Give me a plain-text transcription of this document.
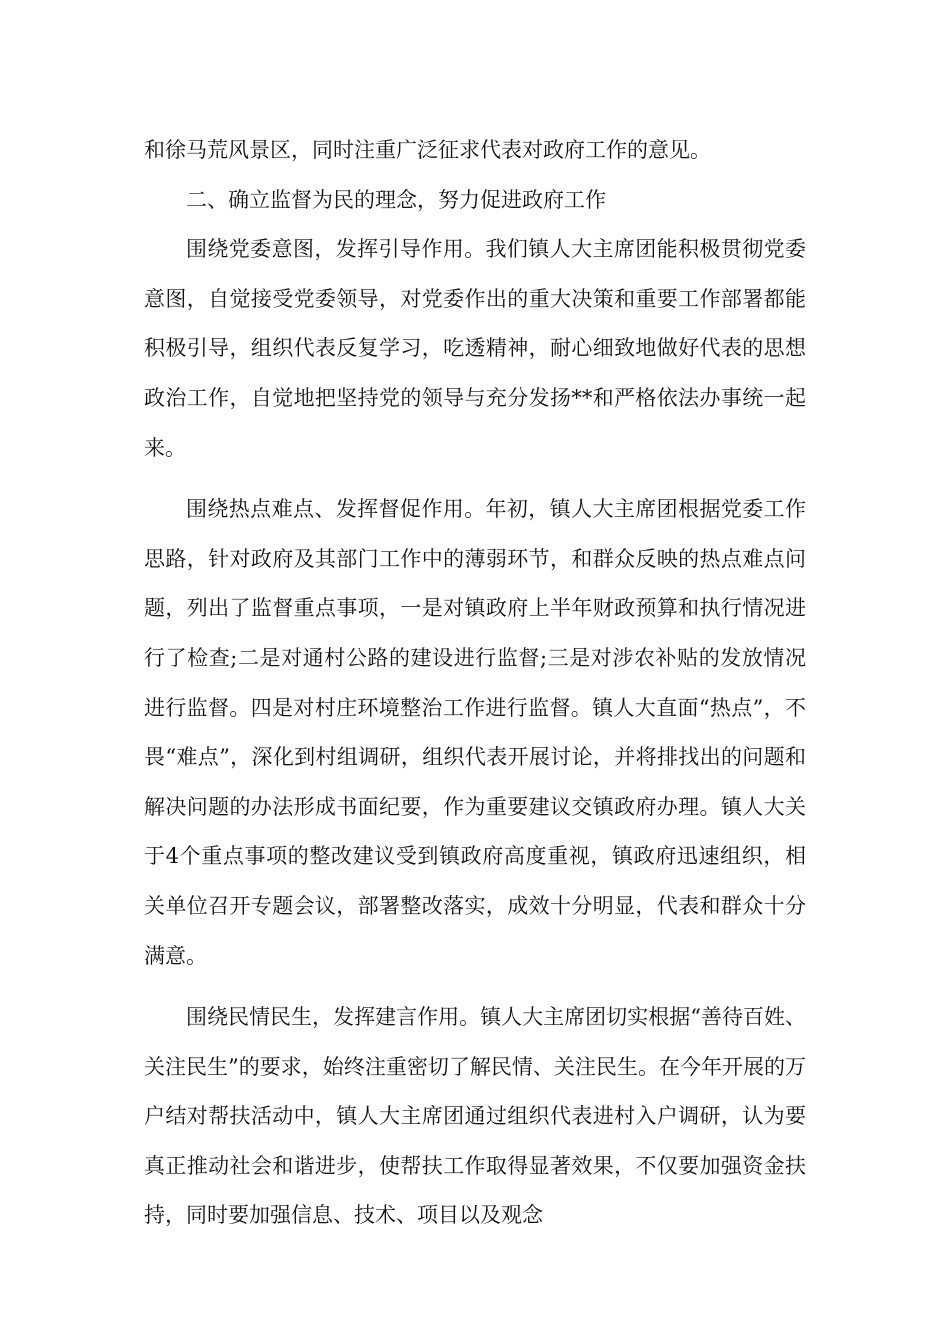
和徐马荒风景区，同时注重广泛征求代表对政府工作的意见。

二、确立监督为民的理念，努力促进政府工作

围绕党委意图，发挥引导作用。我们镇人大主席团能积极贯彻党委意图，自觉接受党委领导，对党委作出的重大决策和重要工作部署都能积极引导，组织代表反复学习，吃透精神，耐心细致地做好代表的思想政治工作，自觉地把坚持党的领导与充分发扬**和严格依法办事统一起来。

围绕热点难点、发挥督促作用。年初，镇人大主席团根据党委工作思路，针对政府及其部门工作中的薄弱环节，和群众反映的热点难点问题，列出了监督重点事项，一是对镇政府上半年财政预算和执行情况进行了检查;二是对通村公路的建设进行监督;三是对涉农补贴的发放情况进行监督。四是对村庄环境整治工作进行监督。镇人大直面“热点”，不畏“难点”，深化到村组调研，组织代表开展讨论，并将排找出的问题和解决问题的办法形成书面纪要，作为重要建议交镇政府办理。镇人大关于4个重点事项的整改建议受到镇政府高度重视，镇政府迅速组织，相关单位召开专题会议，部署整改落实，成效十分明显，代表和群众十分满意。

围绕民情民生，发挥建言作用。镇人大主席团切实根据“善待百姓、关注民生”的要求，始终注重密切了解民情、关注民生。在今年开展的万户结对帮扶活动中，镇人大主席团通过组织代表进村入户调研，认为要真正推动社会和谐进步，使帮扶工作取得显著效果，不仅要加强资金扶持，同时要加强信息、技术、项目以及观念
